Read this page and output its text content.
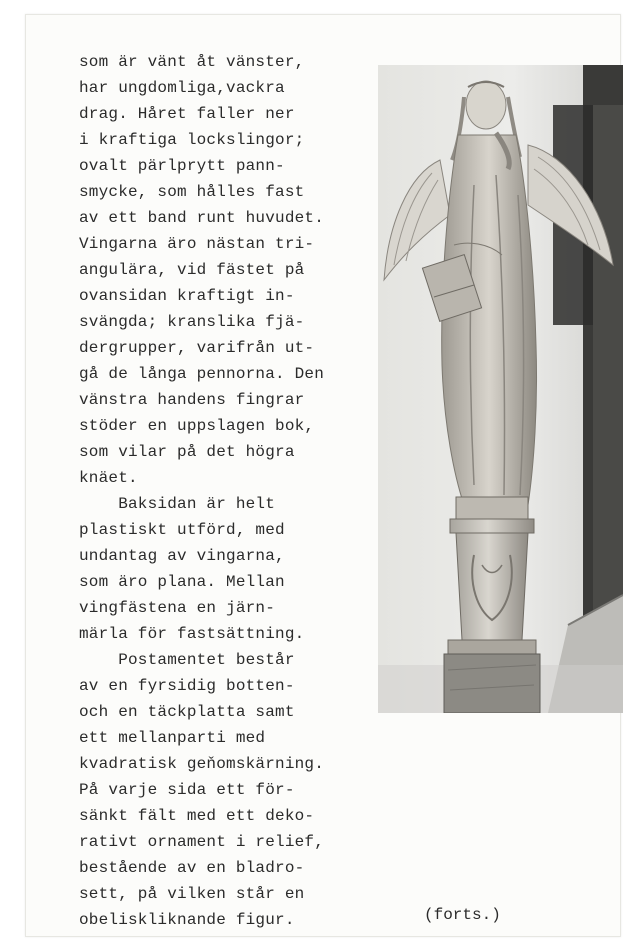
som är vänt åt vänster,
har ungdomliga,vackra
drag. Håret faller ner
i kraftiga lockslingor;
ovalt pärlprytt pann-
smycke, som hålles fast
av ett band runt huvudet.
Vingarna äro nästan tri-
angulära, vid fästet på
ovansidan kraftigt in-
svängda; kranslika fjä-
dergrupper, varifrån ut-
gå de långa pennorna. Den
vänstra handens fingrar
stöder en uppslagen bok,
som vilar på det högra
knäet.
Baksidan är helt
plastiskt utförd, med
undantag av vingarna,
som äro plana. Mellan
vingfästena en järn-
märla för fastsättning.
Postamentet består
av en fyrsidig botten-
och en täckplatta samt
ett mellanparti med
kvadratisk geňomskärning.
På varje sida ett för-
sänkt fält med ett deko-
rativt ornament i relief,
bestående av en bladro-
sett, på vilken står en
obeliskliknande figur.	(forts.)
